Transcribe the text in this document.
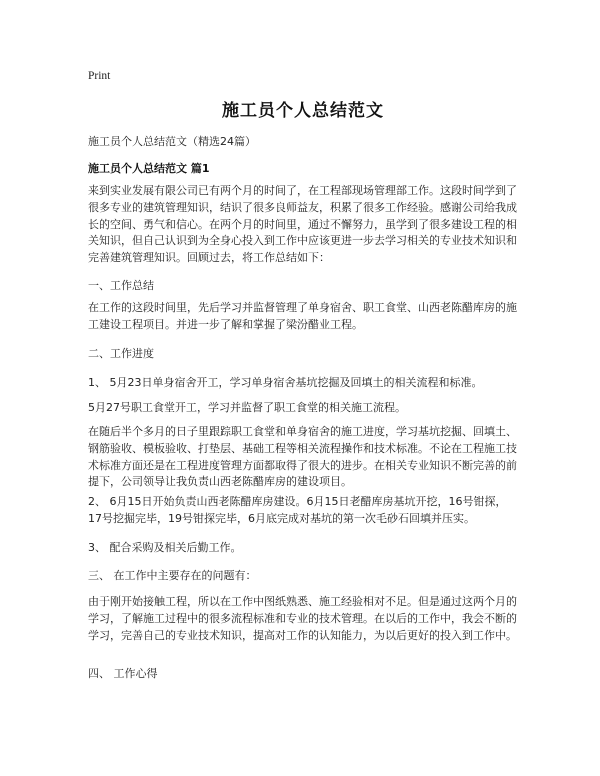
Print
施工员个人总结范文
施工员个人总结范文（精选24篇）
施工员个人总结范文 篇1

来到实业发展有限公司已有两个月的时间了，在工程部现场管理部工作。这段时间学到了很多专业的建筑管理知识，结识了很多良师益友，积累了很多工作经验。感谢公司给我成长的空间、勇气和信心。在两个月的时间里，通过不懈努力，虽学到了很多建设工程的相关知识，但自己认识到为全身心投入到工作中应该更进一步去学习相关的专业技术知识和完善建筑管理知识。回顾过去，将工作总结如下：

一、工作总结

在工作的这段时间里，先后学习并监督管理了单身宿舍、职工食堂、山西老陈醋库房的施工建设工程项目。并进一步了解和掌握了梁汾醋业工程。

二、工作进度

1、 5月23日单身宿舍开工，学习单身宿舍基坑挖掘及回填土的相关流程和标准。

5月27号职工食堂开工，学习并监督了职工食堂的相关施工流程。

在随后半个多月的日子里跟踪职工食堂和单身宿舍的施工进度，学习基坑挖掘、回填土、钢筋验收、模板验收、打垫层、基础工程等相关流程操作和技术标准。不论在工程施工技术标准方面还是在工程进度管理方面都取得了很大的进步。在相关专业知识不断完善的前提下，公司领导让我负责山西老陈醋库房的建设项目。

2、 6月15日开始负责山西老陈醋库房建设。6月15日老醋库房基坑开挖，16号钳探，17号挖掘完毕，19号钳探完毕，6月底完成对基坑的第一次毛砂石回填并压实。

3、 配合采购及相关后勤工作。

三、 在工作中主要存在的问题有：

由于刚开始接触工程，所以在工作中图纸熟悉、施工经验相对不足。但是通过这两个月的学习，了解施工过程中的很多流程标准和专业的技术管理。在以后的工作中，我会不断的学习，完善自己的专业技术知识，提高对工作的认知能力，为以后更好的投入到工作中。

四、 工作心得
